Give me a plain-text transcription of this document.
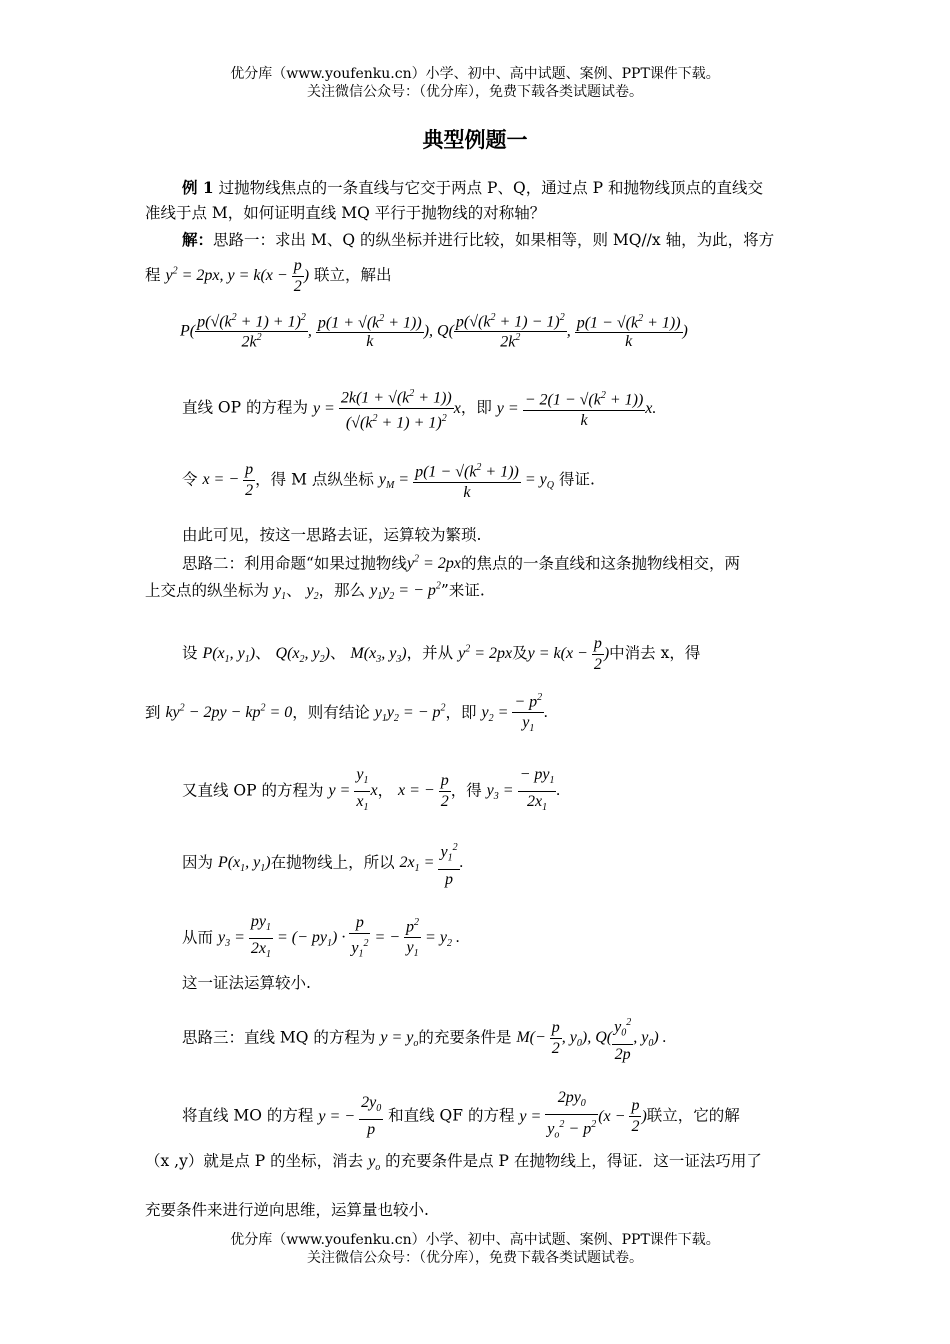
优分库（www.youfenku.cn）小学、初中、高中试题、案例、PPT课件下载。
关注微信公众号：（优分库），免费下载各类试题试卷。
典型例题一
例 1 过抛物线焦点的一条直线与它交于两点 P、Q，通过点 P 和抛物线顶点的直线交
准线于点 M，如何证明直线 MQ 平行于抛物线的对称轴？
解：思路一：求出 M、Q 的纵坐标并进行比较，如果相等，则 MQ//x 轴，为此，将方
程 $y^2 = 2px$, $y = k(x - \frac{p}{2}$ ) 联立，解出
$P( \frac{p(√(k^2 + 1) + 1)^2}{2k^2}$ , $\frac{p(1 + √(k^2 + 1))}{k}$ ), $Q( \frac{p(√(k^2 + 1) - 1)^2}{2k^2}$ , $\frac{p(1 - √(k^2 + 1))}{k}$ )
直线 OP 的方程为 $y = \frac{2k(1 + √(k^2 + 1))}{(√(k^2 + 1) + 1)^2}$ x，即 $y = \frac{- 2(1 - √(k^2 + 1))}{k} x$.
令 x = − $\frac{p}{2}$ ，得 M 点纵坐标 $y_M = \frac{p(1 - √(k^2 + 1))}{k} = y_Q$ 得证.
由此可见，按这一思路去证，运算较为繁琐.
思路二：利用命题“如果过抛物线$y^2 = 2px$的焦点的一条直线和这条抛物线相交，两
上交点的纵坐标为 $y_1$、 $y_2$，那么 $y_1y_2$ = − $p^2$”来证.
设 $P(x_1$, $y_1$)、 $Q(x_2$, $y_2$)、 $M(x_3$, $y_3$)，并从 $y^2 = 2px$及$y = k(x - \frac{p}{2}$ )中消去 x，得
到 $ky^2 - 2py - kp^2 = 0$，则有结论 $y_1y_2$ = − $p^2$，即 $y_2 = \frac{- p^2}{y_1}$ .
又直线 OP 的方程为 $y = \frac{y_1}{x_1}$ x， x = − $\frac{p}{2}$ ，得 $y_3 = \frac{- py_1}{2x_1}$ .
因为 $P(x_1$, $y_1$)在抛物线上，所以 $2x_1 = \frac{y_1^2}{p}$ .
从而 $y_3 = \frac{py_1}{2x_1}$ = (− $py_1) \cdot \frac{p}{y_1^2}$ = − $\frac{p^2}{y_1} = y_2$ .
这一证法运算较小.
思路三：直线 MQ 的方程为 $y = y_o$的充要条件是 $M(- \frac{p}{2}$ , $y_0$), $Q( \frac{y_0^2}{2p}$ , $y_0$) .
将直线 MO 的方程 y = − $\frac{2y_0}{p}$ 和直线 QF 的方程 $y = \frac{2py_0}{y_o^2 - p^2} (x - \frac{p}{2}$ )联立，它的解
（x ,y）就是点 P 的坐标，消去 $y_o$ 的充要条件是点 P 在抛物线上，得证．这一证法巧用了
充要条件来进行逆向思维，运算量也较小.
优分库（www.youfenku.cn）小学、初中、高中试题、案例、PPT课件下载。
关注微信公众号：（优分库），免费下载各类试题试卷。
